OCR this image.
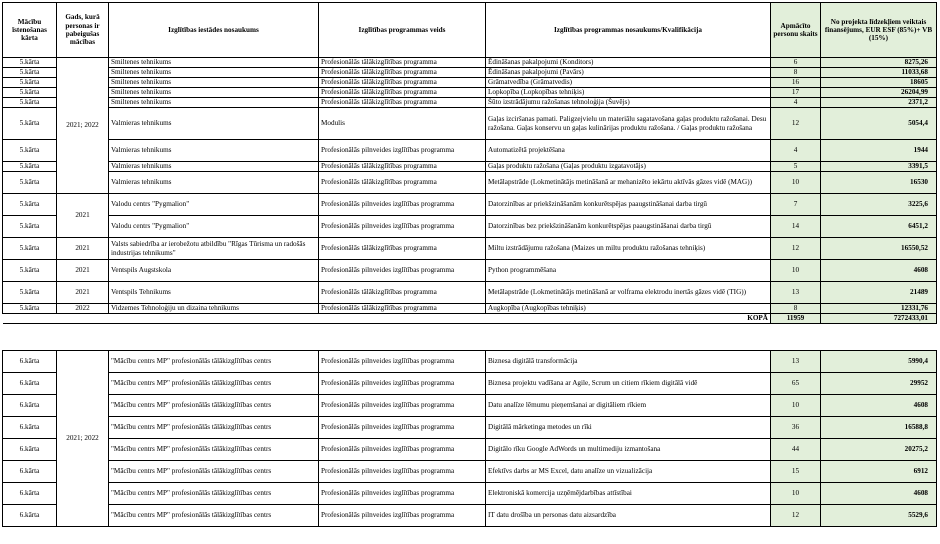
Mācību īstenošanas kārta	Gads, kurā personas ir pabeigušas mācības	Izglītības iestādes nosaukums	Izglītības programmas veids	Izglītības programmas nosaukums/Kvalifikācija	Apmācīto personu skaits	No projekta līdzekļiem veiktais finansējums, EUR ESF (85%)+ VB (15%)
5.kārta	2021; 2022	Smiltenes tehnikums	Profesionālās tālākizglītības programma	Ēdināšanas pakalpojumi (Konditors)	6	8275,26
5.kārta		Smiltenes tehnikums	Profesionālās tālākizglītības programma	Ēdināšanas pakalpojumi (Pavārs)	8	11033,68
5.kārta		Smiltenes tehnikums	Profesionālās tālākizglītības programma	Grāmatvedība (Grāmatvedis)	16	18605
5.kārta		Smiltenes tehnikums	Profesionālās tālākizglītības programma	Lopkopība (Lopkopības tehniķis)	17	26204,99
5.kārta		Smiltenes tehnikums	Profesionālās tālākizglītības programma	Šūto izstrādājumu ražošanas tehnoloģija (Šuvējs)	4	2371,2
5.kārta		Valmieras tehnikums	Modulis	Gaļas izciršanas pamati. Paligzejvielu un materiālu sagatavošana gaļas produktu ražošanai. Desu ražošana. Gaļas konservu un gaļas kulinārijas produktu ražošana. / Gaļas produktu ražošana	12	5054,4
5.kārta		Valmieras tehnikums	Profesionālās pilnveides izglītības programma	Automatizētā projektēšana	4	1944
5.kārta		Valmieras tehnikums	Profesionālās tālākizglītības programma	Gaļas produktu ražošana (Gaļas produktu izgatavotājs)	5	3391,5
5.kārta		Valmieras tehnikums	Profesionālās tālākizglītības programma	Metālapstrāde (Lokmetinātājs metināšanā ar mehanizēto iekārtu aktīvās gāzes vidē (MAG))	10	16530
5.kārta	2021	Valodu centrs "Pygmalion"	Profesionālās pilnveides izglītības programma	Datorzinības ar priekšzināšanām konkurētspējas paaugstināšanai darba tirgū	7	3225,6
5.kārta		Valodu centrs "Pygmalion"	Profesionālās pilnveides izglītības programma	Datorzinības bez priekšzināšanām konkurētspējas paaugstināšanai darba tirgū	14	6451,2
5.kārta	2021	Valsts sabiedrība ar ierobežotu atbildību "Rīgas Tūrisma un radošās industrijas tehnikums"	Profesionālās tālākizglītības programma	Miltu izstrādājumu ražošana (Maizes un miltu produktu ražošanas tehniķis)	12	16550,52
5.kārta	2021	Ventspils Augstskola	Profesionālās pilnveides izglītības programma	Python programmēšana	10	4608
5.kārta	2021	Ventspils Tehnikums	Profesionālās tālākizglītības programma	Metālapstrāde (Lokmetinātājs metināšanā ar volframa elektrodu inertās gāzes vidē (TIG))	13	21489
5.kārta	2022	Vidzemes Tehnoloģiju un dizaina tehnikums	Profesionālās tālākizglītības programma	Augkopība (Augkopības tehniķis)	8	12331,76
KOPĀ					11959	7272433,01
6.kārta	2021; 2022	"Mācību centrs MP" profesionālās tālākizglītības centrs	Profesionālās pilnveides izglītības programma	Biznesa digitālā transformācija	13	5990,4
6.kārta		"Mācību centrs MP" profesionālās tālākizglītības centrs	Profesionālās pilnveides izglītības programma	Biznesa projektu vadīšana ar Agile, Scrum un citiem rīkiem digitālā vidē	65	29952
6.kārta		"Mācību centrs MP" profesionālās tālākizglītības centrs	Profesionālās pilnveides izglītības programma	Datu analīze lēmumu pieņemšanai ar digitāliem rīkiem	10	4608
6.kārta		"Mācību centrs MP" profesionālās tālākizglītības centrs	Profesionālās pilnveides izglītības programma	Digitālā mārketinga metodes un rīki	36	16588,8
6.kārta		"Mācību centrs MP" profesionālās tālākizglītības centrs	Profesionālās pilnveides izglītības programma	Digitālo rīku Google AdWords un multimediju izmantošana	44	20275,2
6.kārta		"Mācību centrs MP" profesionālās tālākizglītības centrs	Profesionālās pilnveides izglītības programma	Efektīvs darbs ar MS Excel, datu analīze un vizualizācija	15	6912
6.kārta		"Mācību centrs MP" profesionālās tālākizglītības centrs	Profesionālās pilnveides izglītības programma	Elektroniskā komercija uzņēmējdarbības attīstībai	10	4608
6.kārta		"Mācību centrs MP" profesionālās tālākizglītības centrs	Profesionālās pilnveides izglītības programma	IT datu drošība un personas datu aizsardzība	12	5529,6
